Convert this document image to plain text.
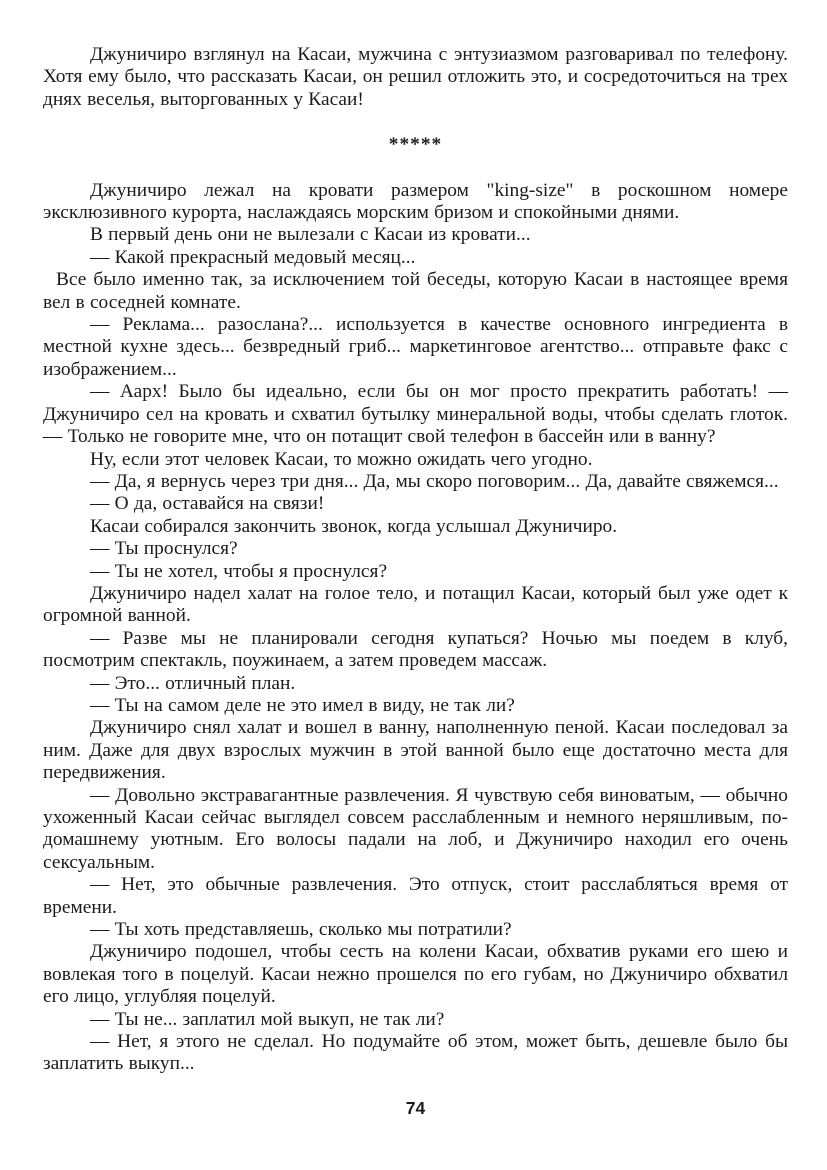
Джуничиро взглянул на Касаи, мужчина с энтузиазмом разговаривал по телефону. Хотя ему было, что рассказать Касаи, он решил отложить это, и сосредоточиться на трех днях веселья, выторгованных у Касаи!

*****

Джуничиро лежал на кровати размером "king-size" в роскошном номере эксклюзивного курорта, наслаждаясь морским бризом и спокойными днями.

В первый день они не вылезали с Касаи из кровати...

— Какой прекрасный медовый месяц...

Все было именно так, за исключением той беседы, которую Касаи в настоящее время вел в соседней комнате.

— Реклама... разослана?... используется в качестве основного ингредиента в местной кухне здесь... безвредный гриб... маркетинговое агентство... отправьте факс с изображением...

— Аарх! Было бы идеально, если бы он мог просто прекратить работать! — Джуничиро сел на кровать и схватил бутылку минеральной воды, чтобы сделать глоток. — Только не говорите мне, что он потащит свой телефон в бассейн или в ванну?

Ну, если этот человек Касаи, то можно ожидать чего угодно.

— Да, я вернусь через три дня... Да, мы скоро поговорим... Да, давайте свяжемся...

— О да, оставайся на связи!

Касаи собирался закончить звонок, когда услышал Джуничиро.

— Ты проснулся?

— Ты не хотел, чтобы я проснулся?

Джуничиро надел халат на голое тело, и потащил Касаи, который был уже одет к огромной ванной.

— Разве мы не планировали сегодня купаться? Ночью мы поедем в клуб, посмотрим спектакль, поужинаем, а затем проведем массаж.

— Это... отличный план.

— Ты на самом деле не это имел в виду, не так ли?

Джуничиро снял халат и вошел в ванну, наполненную пеной. Касаи последовал за ним. Даже для двух взрослых мужчин в этой ванной было еще достаточно места для передвижения.

— Довольно экстравагантные развлечения. Я чувствую себя виноватым, — обычно ухоженный Касаи сейчас выглядел совсем расслабленным и немного неряшливым, по-домашнему уютным. Его волосы падали на лоб, и Джуничиро находил его очень сексуальным.

— Нет, это обычные развлечения. Это отпуск, стоит расслабляться время от времени.

— Ты хоть представляешь, сколько мы потратили?

Джуничиро подошел, чтобы сесть на колени Касаи, обхватив руками его шею и вовлекая того в поцелуй. Касаи нежно прошелся по его губам, но Джуничиро обхватил его лицо, углубляя поцелуй.

— Ты не... заплатил мой выкуп, не так ли?

— Нет, я этого не сделал. Но подумайте об этом, может быть, дешевле было бы заплатить выкуп...

74
